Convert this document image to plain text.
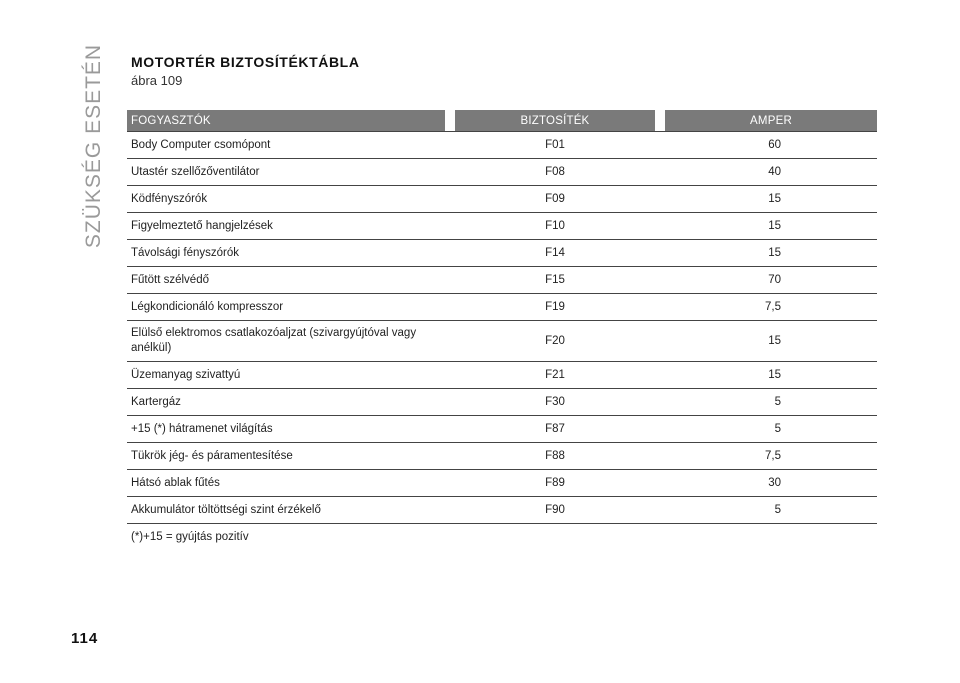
SZÜKSÉG ESETÉN
114
MOTORTÉR BIZTOSÍTÉKTÁBLA
ábra 109
FOGYASZTÓK		BIZTOSÍTÉK		AMPER

Body Computer csomópont		F01		60
Utastér szellőzőventilátor		F08		40
Ködfényszórók		F09		15
Figyelmeztető hangjelzések		F10		15
Távolsági fényszórók		F14		15
Fűtött szélvédő		F15		70
Légkondicionáló kompresszor		F19		7,5
Elülső elektromos csatlakozóaljzat (szivargyújtóval vagy anélkül)		F20		15
Üzemanyag szivattyú		F21		15
Kartergáz		F30		5
+15 (*) hátramenet világítás		F87		5
Tükrök jég- és páramentesítése		F88		7,5
Hátsó ablak fűtés		F89		30
Akkumulátor töltöttségi szint érzékelő		F90		5
(*)+15 = gyújtás pozitív
